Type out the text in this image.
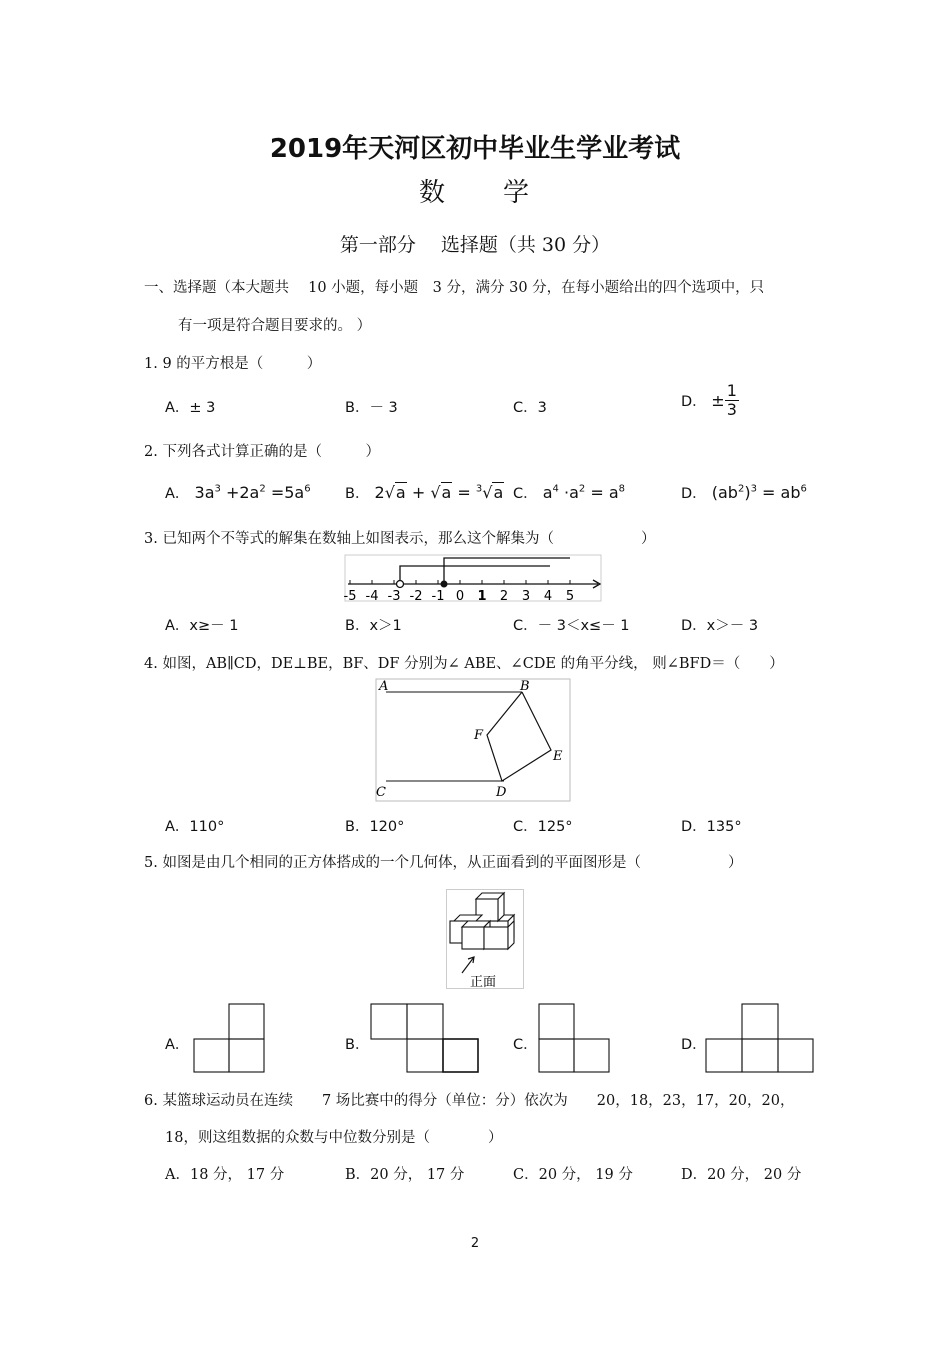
2019年天河区初中毕业生学业考试
数　　学
第一部分　 选择题（共 30 分）
一、选择题（本大题共　 10 小题，每小题　3 分，满分 30 分，在每小题给出的四个选项中，只
有一项是符合题目要求的。 ）
1. 9 的平方根是（　　　）
A．± 3	B．－ 3	C．3	D． ± $\frac{1}{3}$
2. 下列各式计算正确的是（　　　）
A． $3a^3 +2a^2 =5a^6$ B． 2√a + √a = $^3$√a C． $a^4 \cdot a^2 = a^8$	D． $(ab^2)^3 = ab^6$
3. 已知两个不等式的解集在数轴上如图表示，那么这个解集为（　　　　　　）
-5 -4 -3 -2 -1 0 1 2 3 4 5
A．x≥－ 1	B．x＞1	C．－ 3＜x≤－ 1	D．x＞－ 3
4. 如图，AB∥CD，DE⊥BE，BF、DF 分别为∠ ABE、∠CDE 的角平分线， 则∠BFD＝（　　）
A	B
C	D
E
F
A．110°	B．120°	C．125°	D．135°
5. 如图是由几个相同的正方体搭成的一个几何体，从正面看到的平面图形是（　　　　　　）
正面
A．	B．	C．	D．
6. 某篮球运动员在连续　　7 场比赛中的得分（单位：分）依次为　　20，18，23，17，20，20，
18，则这组数据的众数与中位数分别是（　　　　）
A．18 分， 17 分	B．20 分， 17 分	C．20 分， 19 分	D．20 分， 20 分
2
